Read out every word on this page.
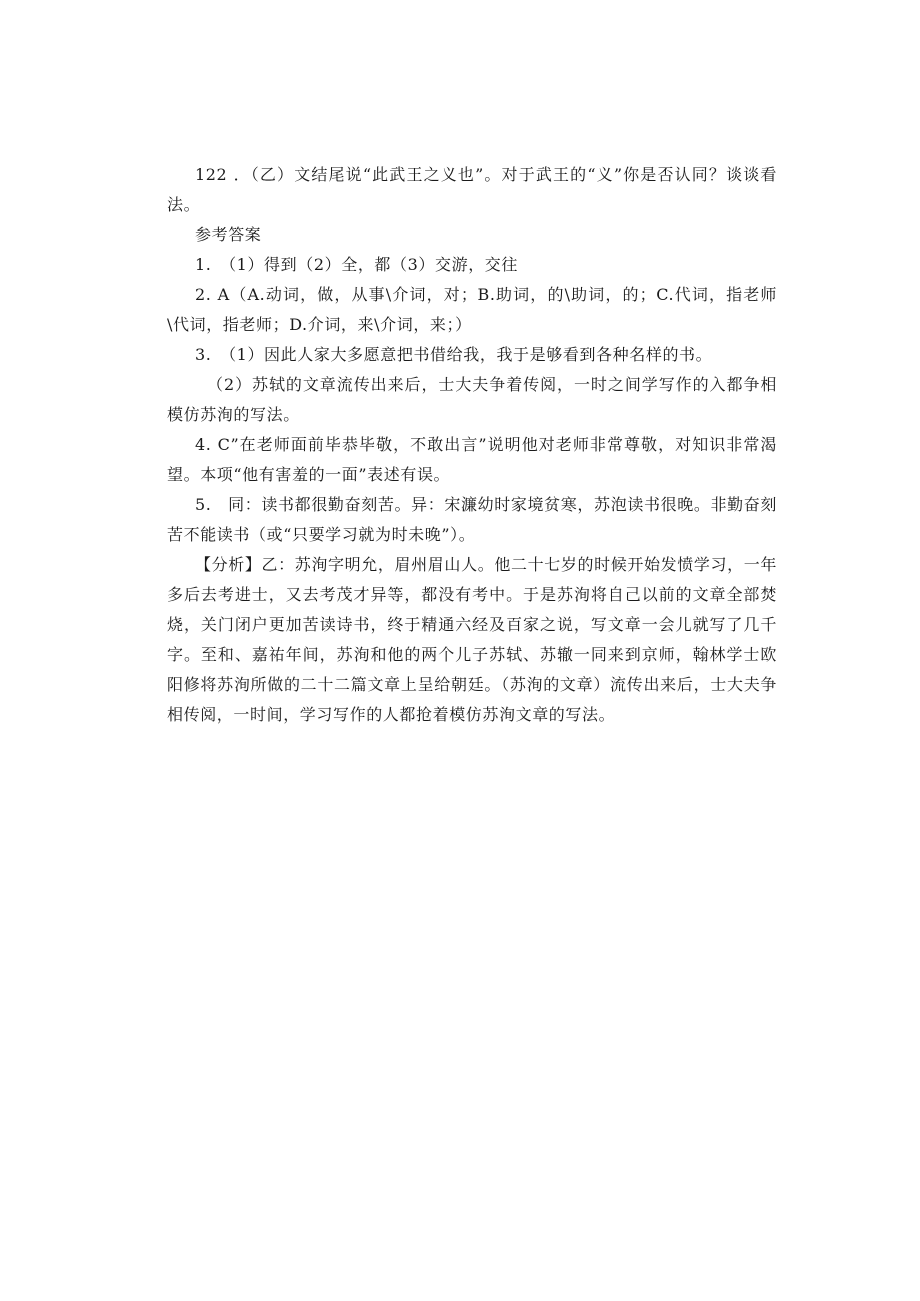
122 ．（乙）文结尾说“此武王之义也”。对于武王的“义”你是否认同？谈谈看法。

参考答案

1.　（1）得到（2）全，都（3）交游，交往

2. A（A.动词，做，从事\介词，对；B.助词，的\助词，的；C.代词，指老师\代词，指老师；D.介词，来\介词，来；）

3.　（1）因此人家大多愿意把书借给我，我于是够看到各种名样的书。

（2）苏轼的文章流传出来后，士大夫争着传阅，一时之间学写作的入都争相模仿苏洵的写法。

4. C”在老师面前毕恭毕敬，不敢出言”说明他对老师非常尊敬，对知识非常渴望。本项“他有害羞的一面”表述有误。

5.　同：读书都很勤奋刻苦。异：宋濂幼时家境贫寒，苏泡读书很晚。非勤奋刻苦不能读书（或“只要学习就为时未晚”）。

【分析】乙：苏洵字明允，眉州眉山人。他二十七岁的时候开始发愤学习，一年多后去考进士，又去考茂才异等，都没有考中。于是苏洵将自己以前的文章全部焚烧，关门闭户更加苦读诗书，终于精通六经及百家之说，写文章一会儿就写了几千字。至和、嘉祐年间，苏洵和他的两个儿子苏轼、苏辙一同来到京师，翰林学士欧阳修将苏洵所做的二十二篇文章上呈给朝廷。（苏洵的文章）流传出来后，士大夫争相传阅，一时间，学习写作的人都抢着模仿苏洵文章的写法。
